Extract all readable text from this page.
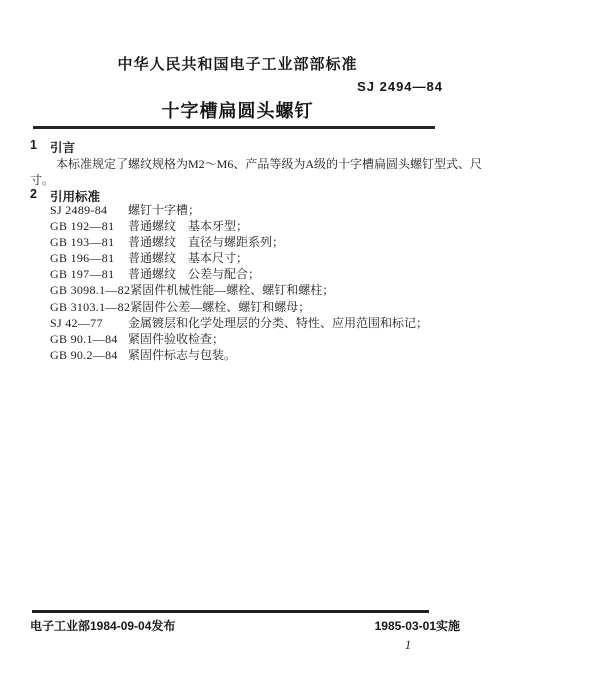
中华人民共和国电子工业部部标准
SJ 2494—84
十字槽扁圆头螺钉
1 引言
本标准规定了螺纹规格为M2～M6、产品等级为A级的十字槽扁圆头螺钉型式、尺
寸。
2 引用标准
SJ 2489-84	螺钉十字槽；
GB 192—81	普通螺纹　基本牙型；
GB 193—81	普通螺纹　直径与螺距系列；
GB 196—81	普通螺纹　基本尺寸；
GB 197—81	普通螺纹　公差与配合；
GB 3098.1—82 紧固件机械性能—螺栓、螺钉和螺柱；
GB 3103.1—82 紧固件公差—螺栓、螺钉和螺母；
SJ 42—77	金属镀层和化学处理层的分类、特性、应用范围和标记；
GB 90.1—84 紧固件验收检查；
GB 90.2—84 紧固件标志与包装。
电子工业部1984-09-04发布	1985-03-01实施
1
